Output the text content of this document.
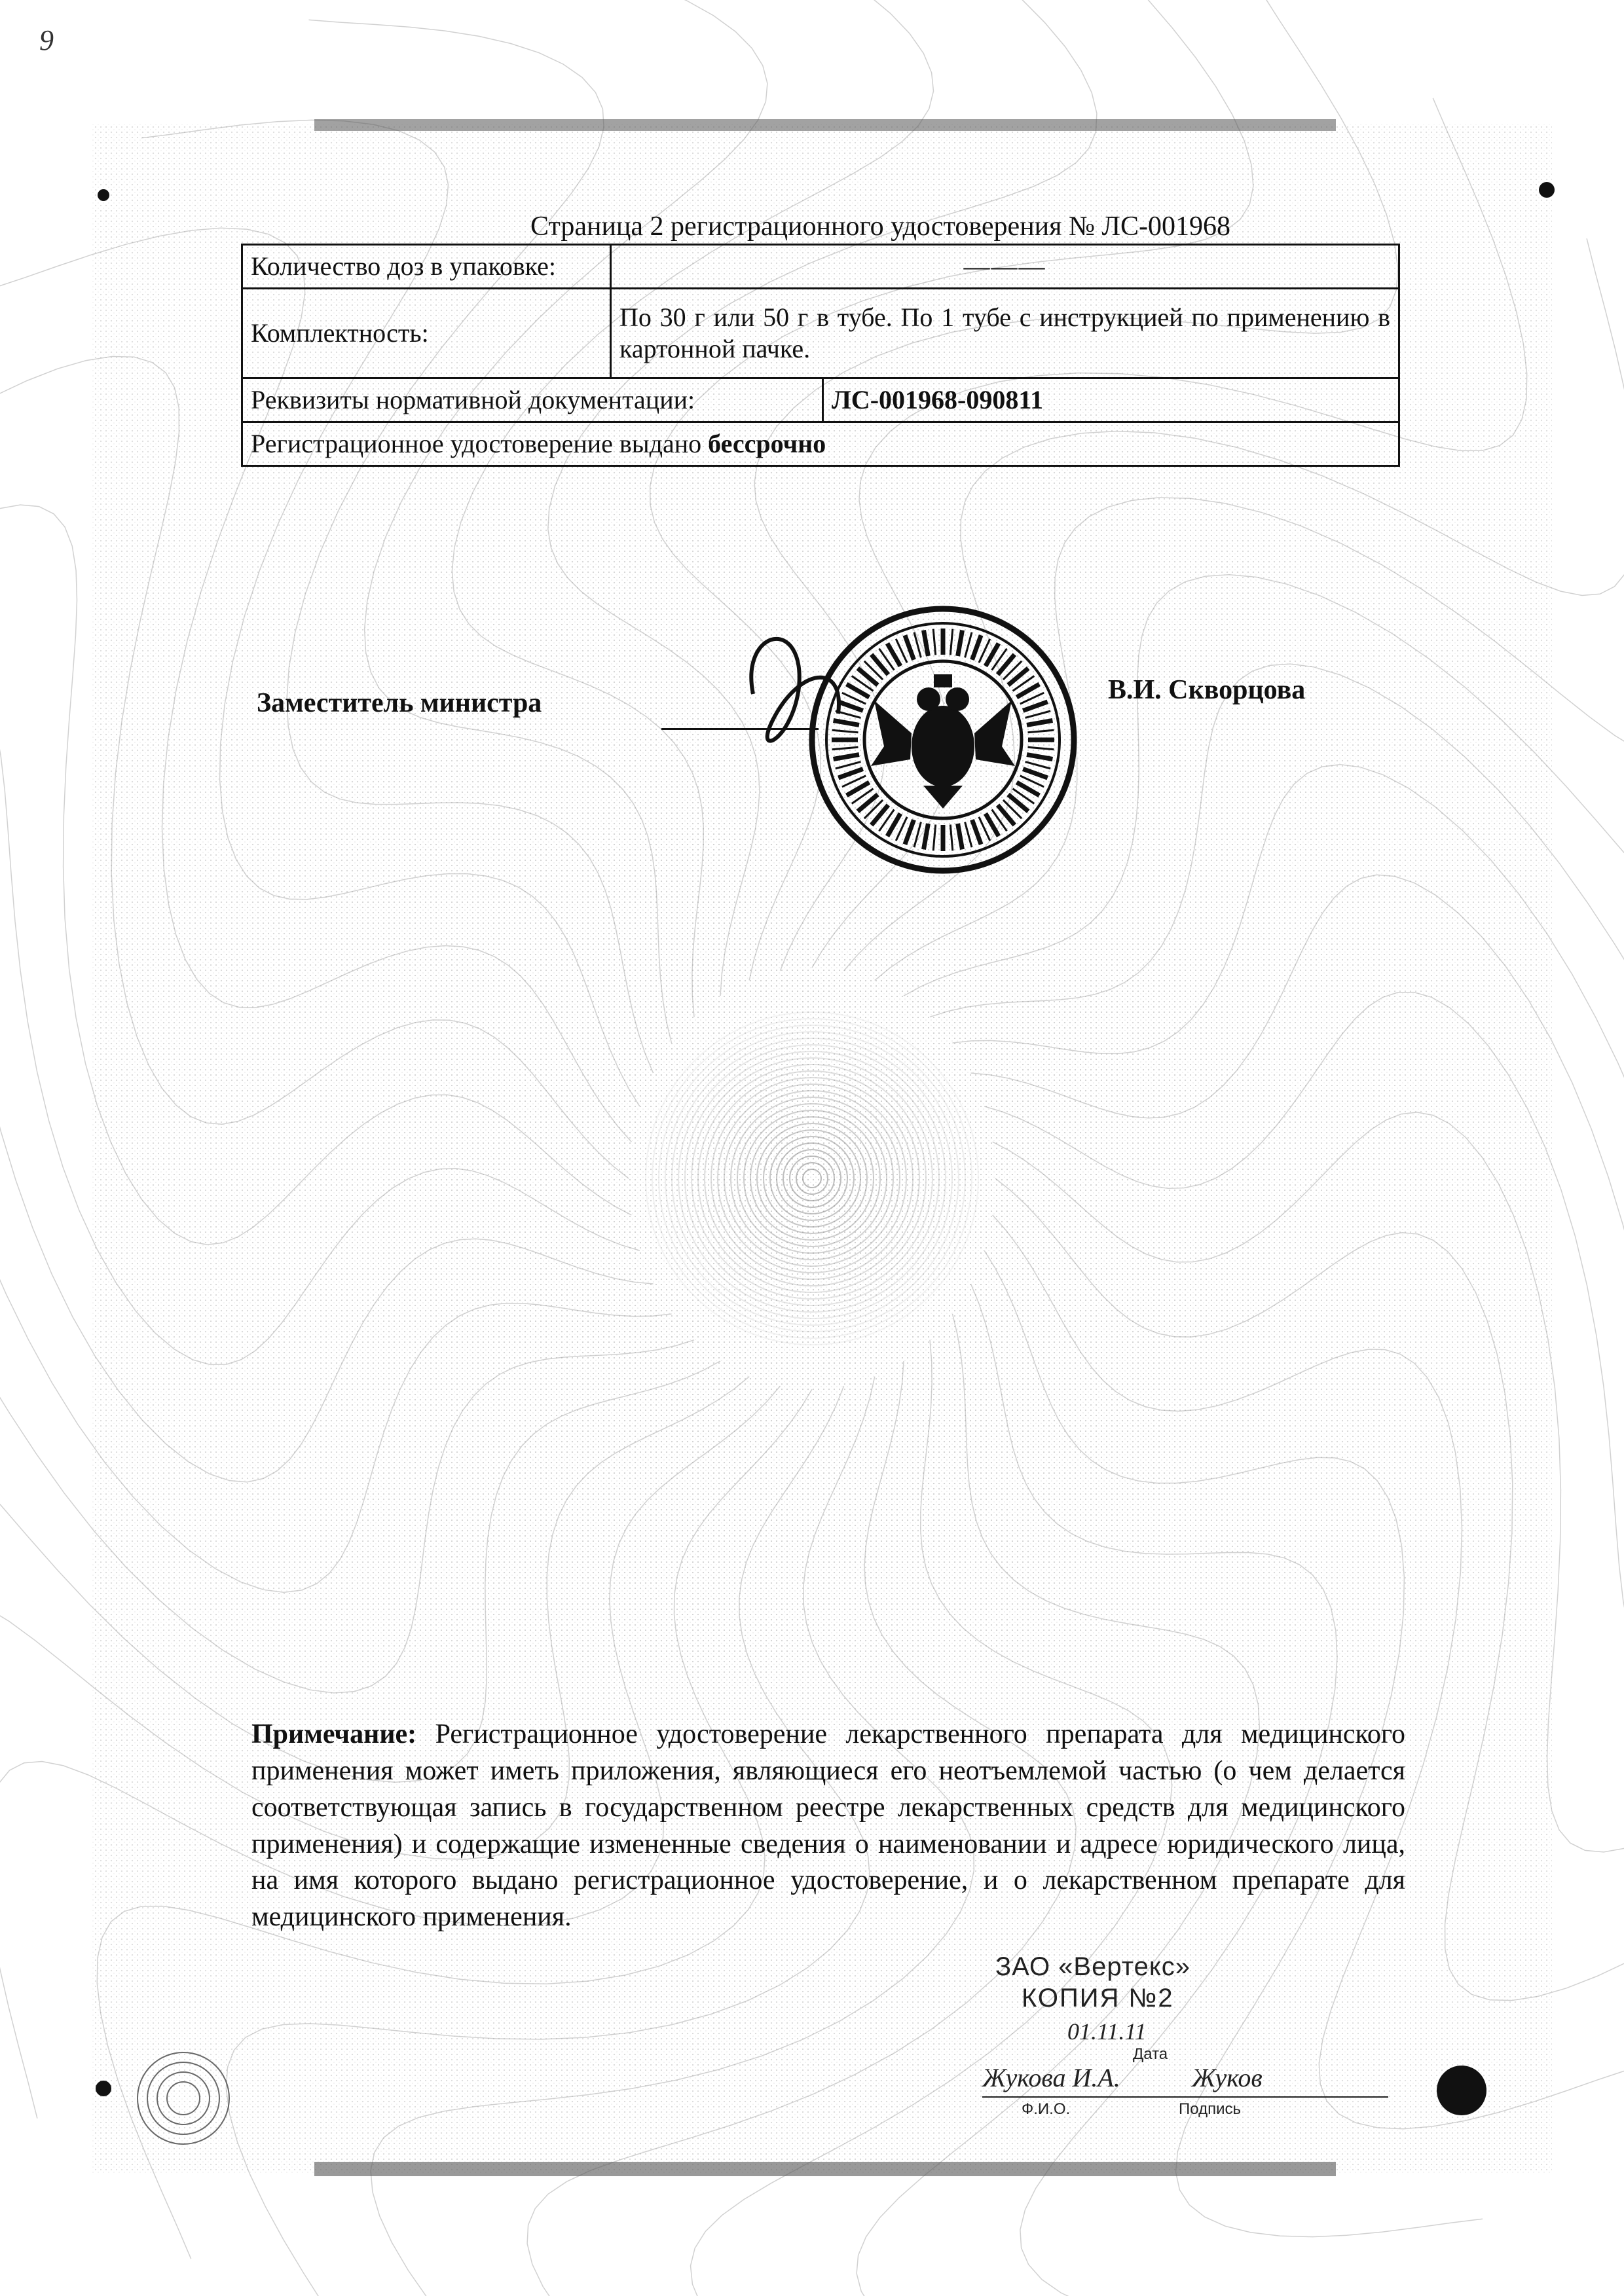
9
Страница 2 регистрационного удостоверения № ЛС-001968
Количество доз в упаковке:	———
Комплектность:	По 30 г или 50 г в тубе. По 1 тубе с инструкцией по применению в картонной пачке.

Реквизиты нормативной документации: ЛС-001968-090811	

Регистрационное удостоверение выдано бессрочно	
Заместитель министра	В.И. Скворцова
Примечание: Регистрационное удостоверение лекарственного препарата для медицинского применения может иметь приложения, являющиеся его неотъемлемой частью (о чем делается соответствующая запись в государственном реестре лекарственных средств для медицинского применения) и содержащие измененные сведения о наименовании и адресе юридического лица, на имя которого выдано регистрационное удостоверение, и о лекарственном препарате для медицинского применения.
ЗАО «Вертекс»
КОПИЯ №2
01.11.11
Дата
Жукова И.А.	Жуков
Ф.И.О.	Подпись
